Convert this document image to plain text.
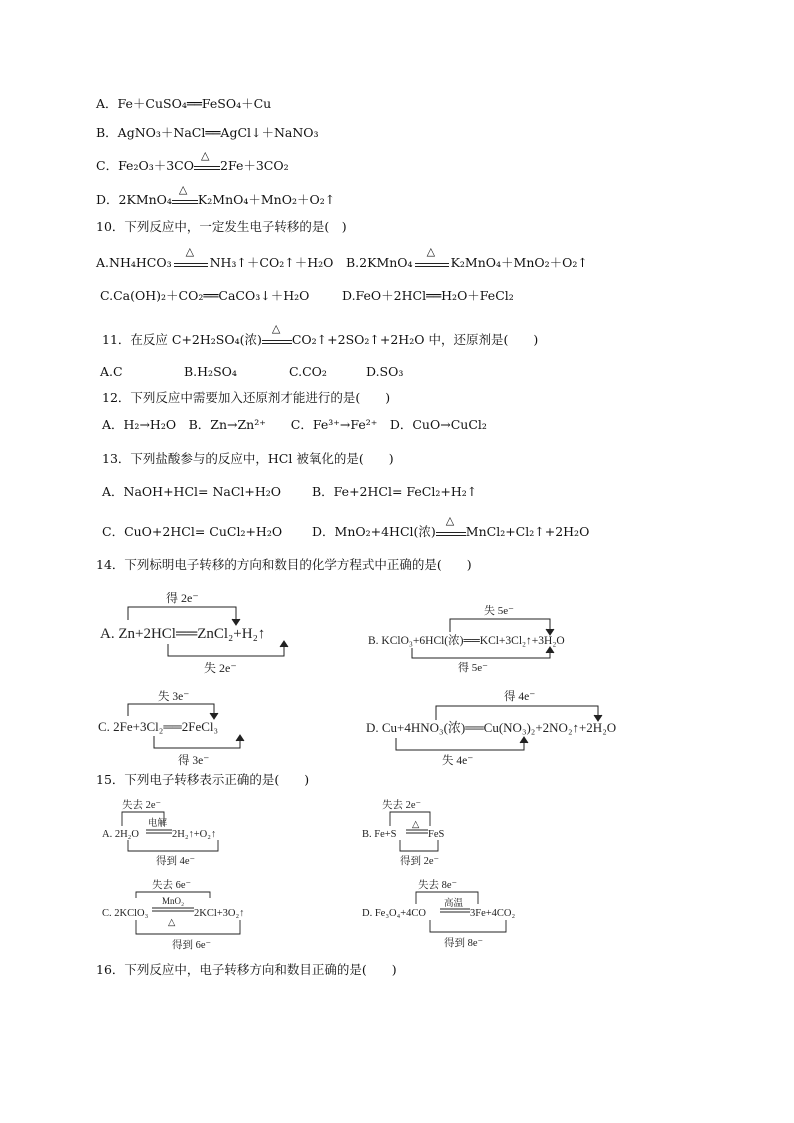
A．Fe＋CuSO₄══FeSO₄＋Cu
B．AgNO₃＋NaCl══AgCl↓＋NaNO₃
C．Fe₂O₃＋3CO
△
2Fe＋3CO₂
D．2KMnO₄
△
K₂MnO₄＋MnO₂＋O₂↑
10．下列反应中，一定发生电子转移的是(　)
A.NH₄HCO₃
△
NH₃↑＋CO₂↑＋H₂O B.2KMnO₄
△
K₂MnO₄＋MnO₂＋O₂↑
C.Ca(OH)₂＋CO₂══CaCO₃↓＋H₂O	D.FeO＋2HCl══H₂O＋FeCl₂
11．在反应 C+2H₂SO₄(浓)
△
CO₂↑+2SO₂↑+2H₂O 中，还原剂是(　　)
A.C	B.H₂SO₄	C.CO₂	D.SO₃
12．下列反应中需要加入还原剂才能进行的是(　　)
A．H₂→H₂O　B．Zn→Zn²⁺　　C．Fe³⁺→Fe²⁺　D．CuO→CuCl₂
13．下列盐酸参与的反应中，HCl 被氧化的是(　　)
A．NaOH+HCl= NaCl+H₂O B．Fe+2HCl= FeCl₂+H₂↑
C．CuO+2HCl= CuCl₂+H₂O D．MnO₂+4HCl(浓)
△
MnCl₂+Cl₂↑+2H₂O
14．下列标明电子转移的方向和数目的化学方程式中正确的是(　　)
得 2e⁻
A. Zn+2HCl══ZnCl₂+H₂↑
失 2e⁻
失 5e⁻
B. KClO₃+6HCl(浓)══KCl+3Cl₂↑+3H₂O
得 5e⁻
失 3e⁻
C. 2Fe+3Cl₂══2FeCl₃
得 3e⁻
得 4e⁻
D. Cu+4HNO₃(浓)══Cu(NO₃)₂+2NO₂↑+2H₂O
失 4e⁻
15．下列电子转移表示正确的是(　　)
失去 2e⁻
A. 2H₂O
电解
2H₂↑+O₂↑
得到 4e⁻
失去 2e⁻
B. Fe+S
△
FeS
得到 2e⁻
失去 6e⁻
MnO₂
C. 2KClO₃	2KCl+3O₂↑
△
得到 6e⁻
失去 8e⁻
D. Fe₃O₄+4CO
高温
3Fe+4CO₂
得到 8e⁻
16．下列反应中，电子转移方向和数目正确的是(　　)
